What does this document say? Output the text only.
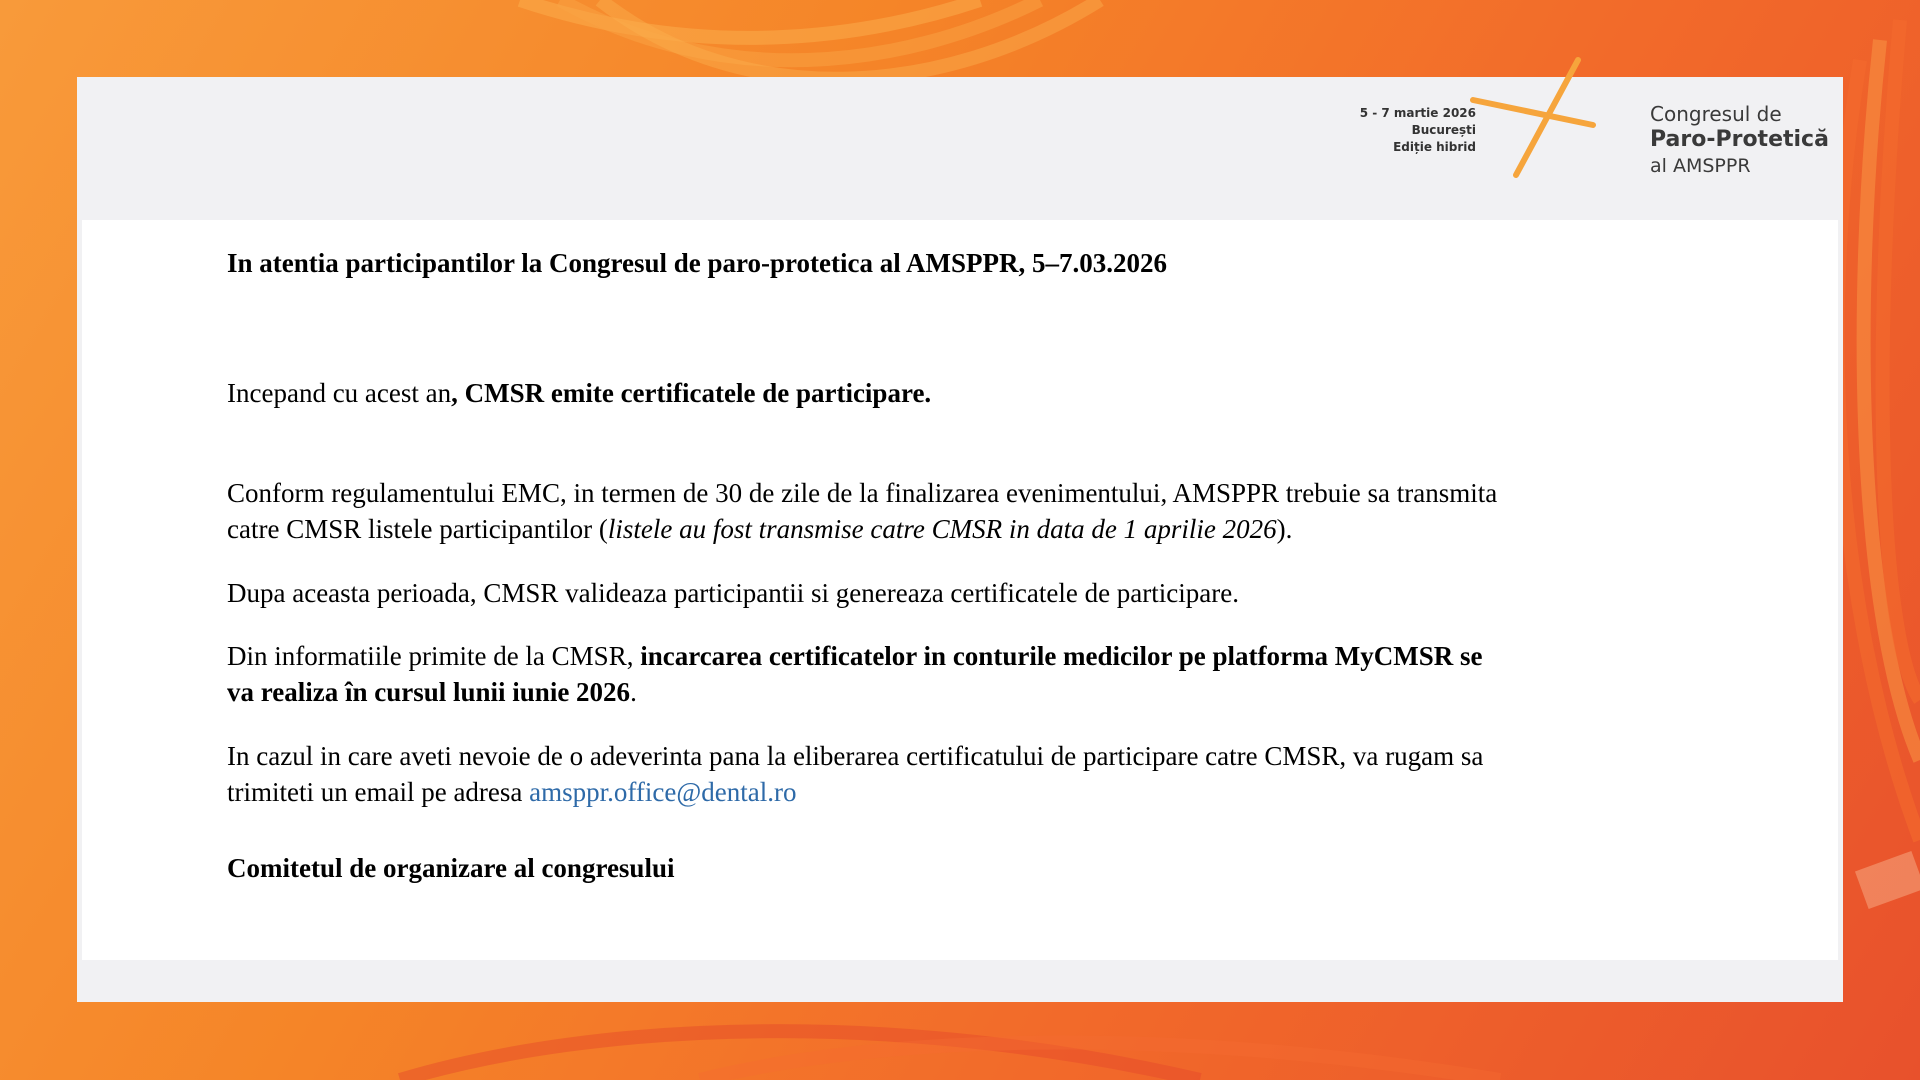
5 - 7 martie 2026
București
Ediție hibrid
Congresul de
Paro-Protetică
al AMSPPR

In atentia participantilor la Congresul de paro-protetica al AMSPPR, 5–7.03.2026

Incepand cu acest an, CMSR emite certificatele de participare.

Conform regulamentului EMC, in termen de 30 de zile de la finalizarea evenimentului, AMSPPR trebuie sa transmita
catre CMSR listele participantilor (listele au fost transmise catre CMSR in data de 1 aprilie 2026).

Dupa aceasta perioada, CMSR valideaza participantii si genereaza certificatele de participare.

Din informatiile primite de la CMSR, incarcarea certificatelor in conturile medicilor pe platforma MyCMSR se
va realiza în cursul lunii iunie 2026.

In cazul in care aveti nevoie de o adeverinta pana la eliberarea certificatului de participare catre CMSR, va rugam sa
trimiteti un email pe adresa amsppr.office@dental.ro

Comitetul de organizare al congresului
